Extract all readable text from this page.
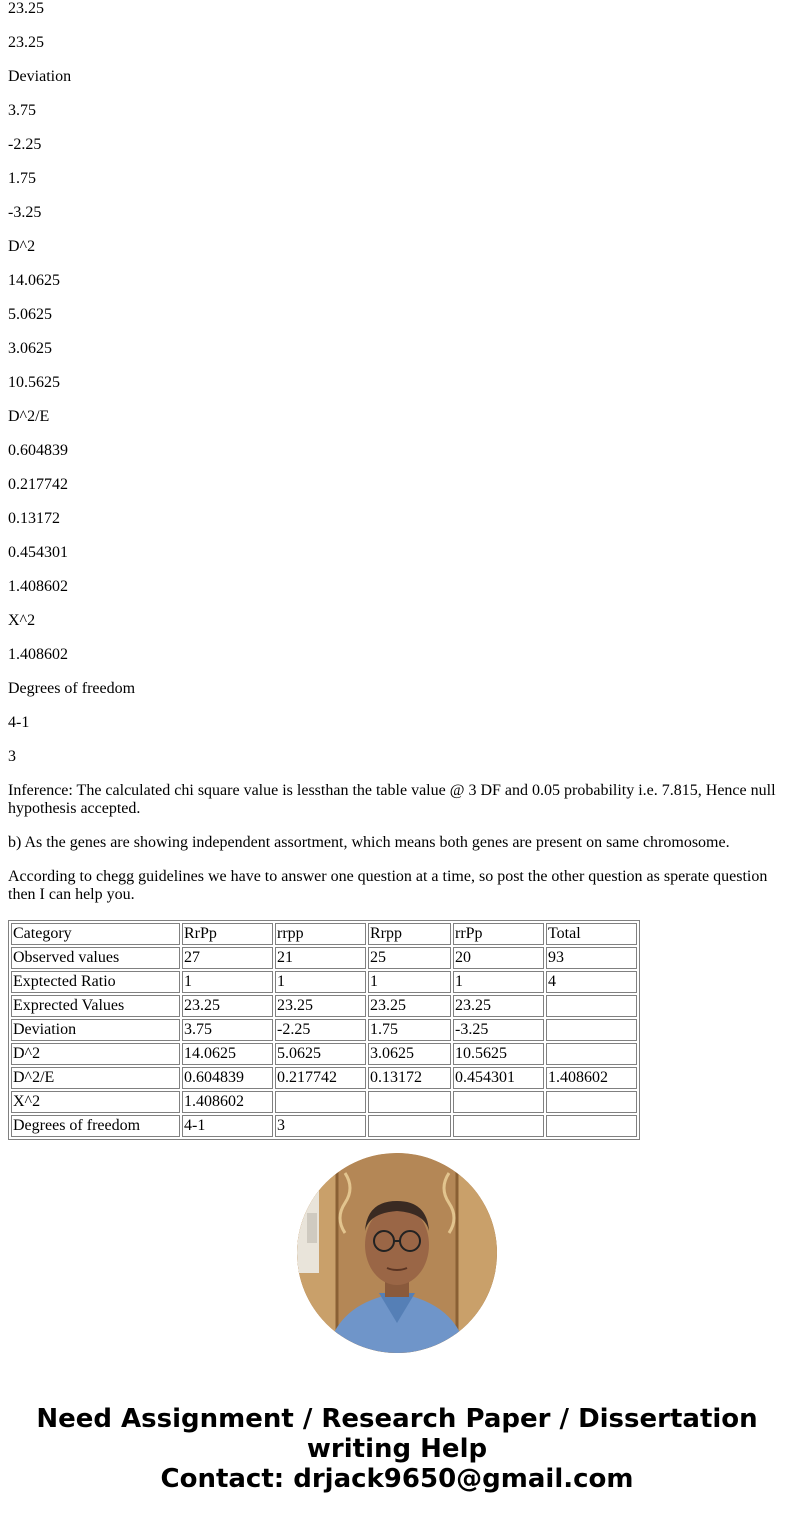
23.25

23.25

Deviation

3.75

-2.25

1.75

-3.25

D^2

14.0625

5.0625

3.0625

10.5625

D^2/E

0.604839

0.217742

0.13172

0.454301

1.408602

X^2

1.408602

Degrees of freedom

4-1

3

Inference: The calculated chi square value is lessthan the table value @ 3 DF and 0.05 probability i.e. 7.815, Hence null hypothesis accepted.

b) As the genes are showing independent assortment, which means both genes are present on same chromosome.

According to chegg guidelines we have to answer one question at a time, so post the other question as sperate question then I can help you.

Category	RrPp	rrpp	Rrpp	rrPp	Total
Observed values	27	21	25	20	93
Exptected Ratio	1	1	1	1	4
Exprected Values	23.25	23.25	23.25	23.25	
Deviation	3.75	-2.25	1.75	-3.25	
D^2	14.0625	5.0625	3.0625	10.5625	
D^2/E	0.604839	0.217742	0.13172	0.454301	1.408602
X^2	1.408602				
Degrees of freedom	4-1	3			
Need Assignment / Research Paper / Dissertation
writing Help
Contact: drjack9650@gmail.com
